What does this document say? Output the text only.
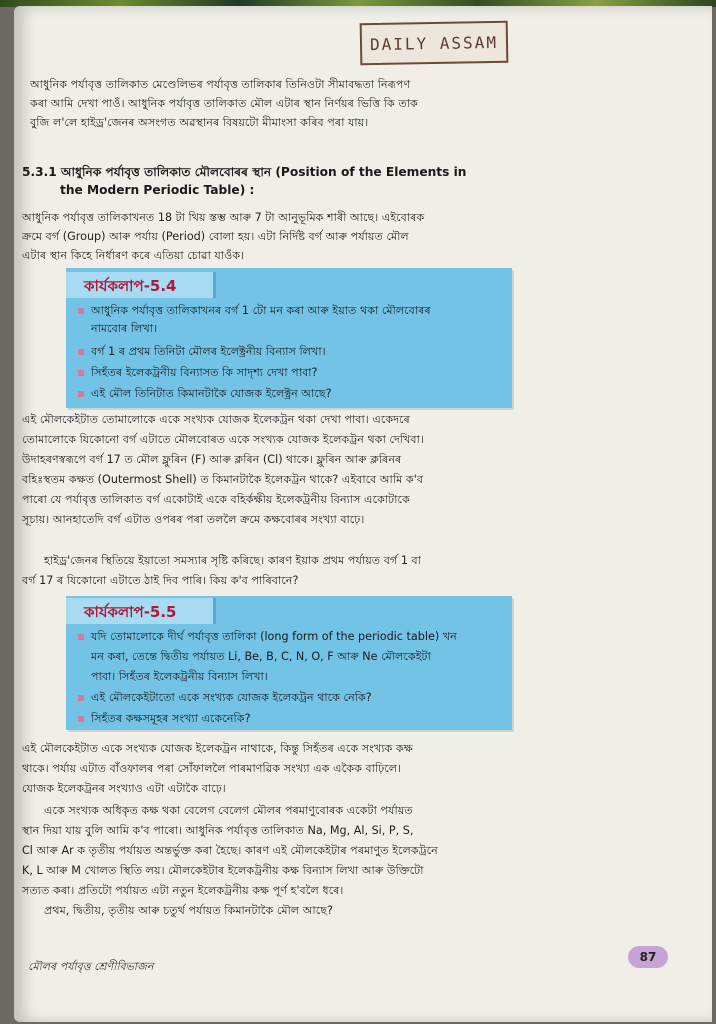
DAILY ASSAM
আধুনিক পৰ্যাবৃত্ত তালিকাত মেণ্ডেলিভৰ পৰ্যাবৃত্ত তালিকাৰ তিনিওটা সীমাবদ্ধতা নিৰূপণ
কৰা আমি দেখা পাওঁ। আধুনিক পৰ্যাবৃত্ত তালিকাত মৌল এটাৰ স্থান নিৰ্ণয়ৰ ভিত্তি কি তাক
বুজি ল'লে হাইড্ৰ'জেনৰ অসংগত অৱস্থানৰ বিষয়টো মীমাংসা কৰিব পৰা যায়।
5.3.1 আধুনিক পৰ্যাবৃত্ত তালিকাত মৌলবোৰৰ স্থান (Position of the Elements in
the Modern Periodic Table) :
আধুনিক পৰ্যাবৃত্ত তালিকাখনত 18 টা থিয় স্তম্ভ আৰু 7 টা আনুভূমিক শাৰী আছে। এইবোৰক
ক্ৰমে বৰ্গ (Group) আৰু পৰ্যায় (Period) বোলা হয়। এটা নিৰ্দিষ্ট বৰ্গ আৰু পৰ্যায়ত মৌল
এটাৰ স্থান কিহে নিৰ্ধাৰণ কৰে এতিয়া চোৱা যাওঁক।
কাৰ্যকলাপ-5.4
আধুনিক পৰ্যাবৃত্ত তালিকাখনৰ বৰ্গ 1 টো মন কৰা আৰু ইয়াত থকা মৌলবোৰৰ
নামবোৰ লিখা।
বৰ্গ 1 ৰ প্ৰথম তিনিটা মৌলৰ ইলেক্ট্ৰনীয় বিন্যাস লিখা।
সিহঁতৰ ইলেকট্ৰনীয় বিন্যাসত কি সাদৃশ্য দেখা পাবা?
এই মৌল তিনিটাত কিমানটাকৈ যোজক ইলেক্ট্ৰন আছে?
এই মৌলকেইটাত তোমালোকে একে সংখ্যক যোজক ইলেকট্ৰন থকা দেখা পাবা। একেদৰে
তোমালোকে যিকোনো বৰ্গ এটাতে মৌলবোৰত একে সংখ্যক যোজক ইলেকট্ৰন থকা দেখিবা।
উদাহৰণস্বৰূপে বৰ্গ 17 ত মৌল ফ্লুৰিন (F) আৰু ক্লৰিন (Cl) থাকে। ফ্লুৰিন আৰু ক্লৰিনৰ
বহিঃস্থতম কক্ষত (Outermost Shell) ত কিমানটাকৈ ইলেকট্ৰন থাকে? এইবাবে আমি ক'ব
পাৰো যে পৰ্যাবৃত্ত তালিকাত বৰ্গ একোটাই একে বহিৰ্কক্ষীয় ইলেকট্ৰনীয় বিন্যাস একোটাকে
সূচায়। আনহাতেদি বৰ্গ এটাত ওপৰৰ পৰা তললৈ ক্ৰমে কক্ষবোৰৰ সংখ্যা বাঢ়ে।
হাইড্ৰ'জেনৰ স্থিতিয়ে ইয়াতো সমস্যাৰ সৃষ্টি কৰিছে। কাৰণ ইয়াক প্ৰথম পৰ্যায়ত বৰ্গ 1 বা
বৰ্গ 17 ৰ যিকোনো এটাতে ঠাই দিব পাৰি। কিয় ক'ব পাৰিবানে?
কাৰ্যকলাপ-5.5
যদি তোমালোকে দীৰ্ঘ পৰ্যাবৃত্ত তালিকা (long form of the periodic table) খন
মন কৰা, তেন্তে দ্বিতীয় পৰ্যায়ত Li, Be, B, C, N, O, F আৰু Ne মৌলকেইটা
পাবা। সিহঁতৰ ইলেকট্ৰনীয় বিন্যাস লিখা।
এই মৌলকেইটাতো একে সংখ্যক যোজক ইলেকট্ৰন থাকে নেকি?
সিহঁতৰ কক্ষসমূহৰ সংখ্যা একেনেকি?
এই মৌলকেইটাত একে সংখ্যক যোজক ইলেকট্ৰন নাথাকে, কিন্তু সিহঁতৰ একে সংখ্যক কক্ষ
থাকে। পৰ্যায় এটাত বাঁওফালৰ পৰা সোঁফাললৈ পাৰমাণৱিক সংখ্যা এক একৈক বাঢ়িলে।
যোজক ইলেকট্ৰনৰ সংখ্যাও এটা এটাকৈ বাঢ়ে।
একে সংখ্যক অধিকৃত কক্ষ থকা বেলেগ বেলেগ মৌলৰ পৰমাণুবোৰক একেটা পৰ্যায়ত
স্থান দিয়া যায় বুলি আমি ক'ব পাৰো। আধুনিক পৰ্যাবৃত্ত তালিকাত Na, Mg, Al, Si, P, S,
Cl আৰু Ar ক তৃতীয় পৰ্যায়ত অন্তৰ্ভুক্ত কৰা হৈছে। কাৰণ এই মৌলকেইটাৰ পৰমাণুত ইলেকট্ৰনে
K, L আৰু M খোলত স্থিতি লয়। মৌলকেইটাৰ ইলেকট্ৰনীয় কক্ষ বিন্যাস লিখা আৰু উক্তিটো
সত্যত কৰা। প্ৰতিটো পৰ্যায়ত এটা নতুন ইলেকট্ৰনীয় কক্ষ পূৰ্ণ হ'বলৈ ধৰে।
প্ৰথম, দ্বিতীয়, তৃতীয় আৰু চতুৰ্থ পৰ্যায়ত কিমানটাকৈ মৌল আছে?
মৌলৰ পৰ্যাবৃত্ত শ্ৰেণীবিভাজন
87
